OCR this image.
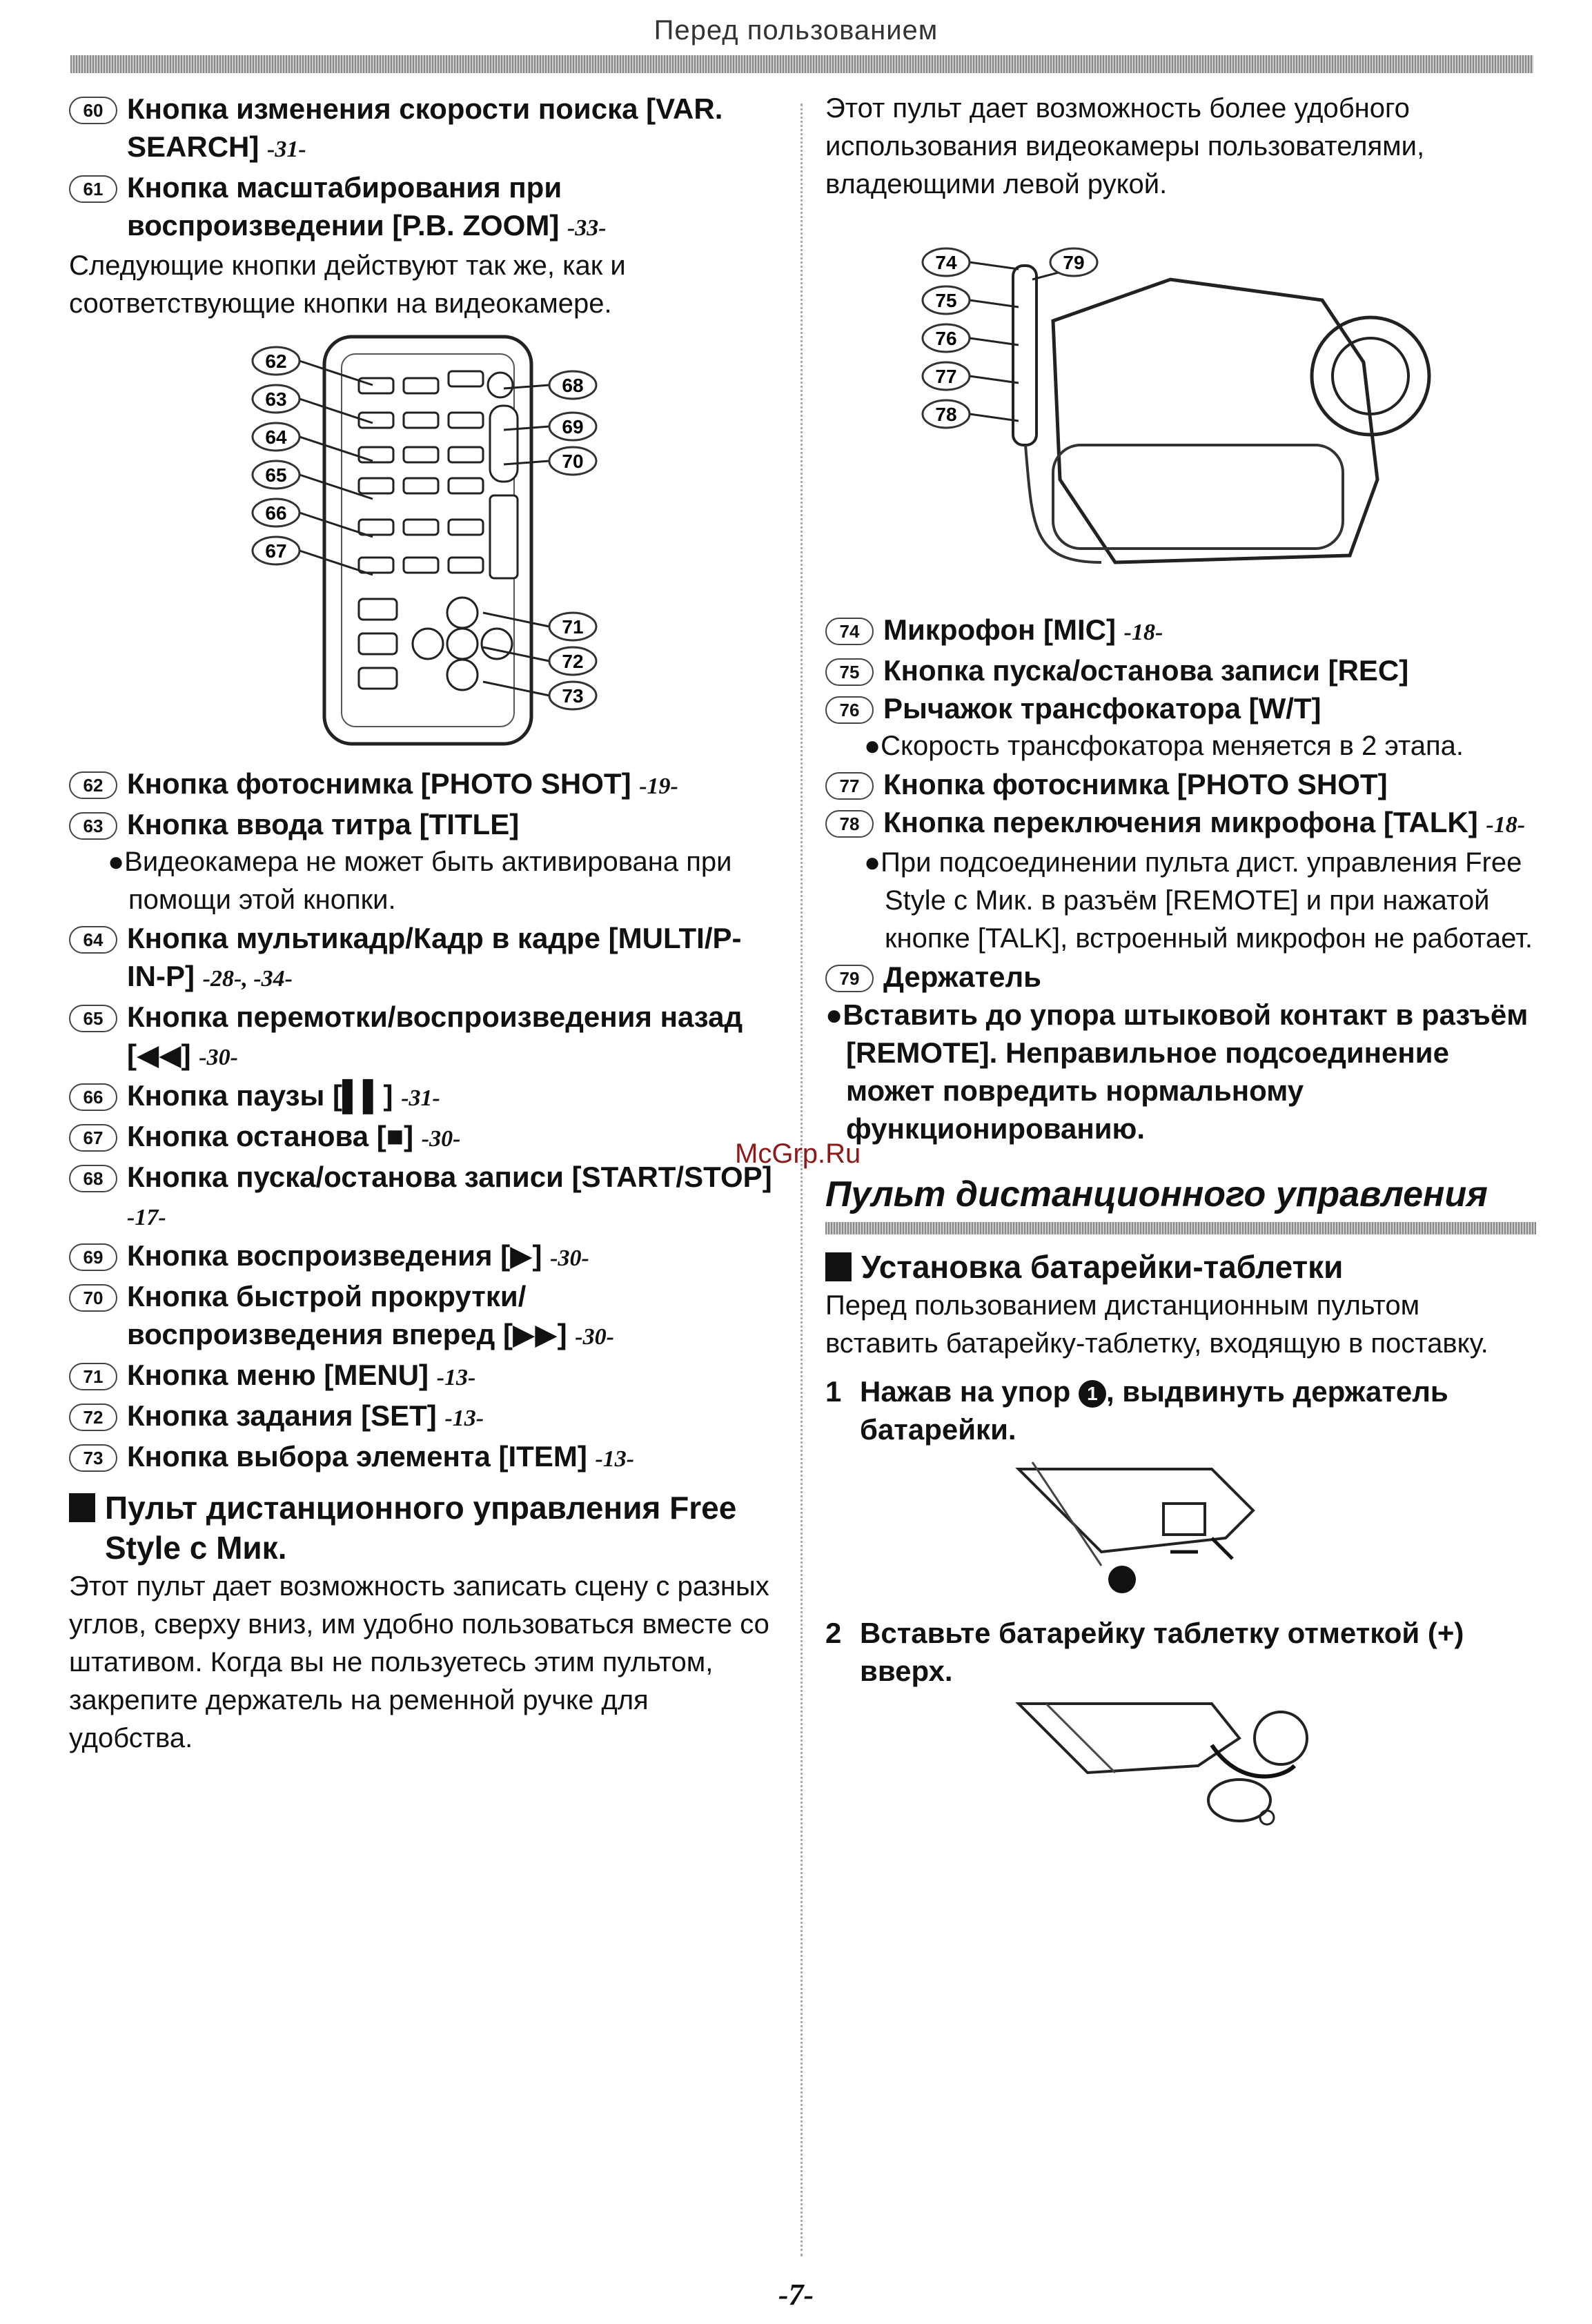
Перед пользованием
60 Кнопка изменения скорости поиска [VAR. SEARCH] -31-
61 Кнопка масштабирования при воспроизведении [P.B. ZOOM] -33-

Следующие кнопки действуют так же, как и соответствующие кнопки на видеокамере.

62
63
64
65
66
67
68
69
70
71
72
73
62 Кнопка фотоснимка [PHOTO SHOT] -19-
63 Кнопка ввода титра [TITLE]

●Видеокамера не может быть активирована при помощи этой кнопки.

64 Кнопка мультикадр/Кадр в кадре [MULTI/P-IN-P] -28-, -34-
65 Кнопка перемотки/воспроизведения назад [◀◀] -30-
66 Кнопка паузы [▌▌] -31-
67 Кнопка останова [■] -30-
68 Кнопка пуска/останова записи [START/STOP] -17-
69 Кнопка воспроизведения [▶] -30-
70 Кнопка быстрой прокрутки/воспроизведения вперед [▶▶] -30-
71 Кнопка меню [MENU] -13-
72 Кнопка задания [SET] -13-
73 Кнопка выбора элемента [ITEM] -13-
Пульт дистанционного управления Free Style с Мик.

Этот пульт дает возможность записать сцену с разных углов, сверху вниз, им удобно пользоваться вместе со штативом. Когда вы не пользуетесь этим пультом, закрепите держатель на ременной ручке для удобства.

Этот пульт дает возможность более удобного использования видеокамеры пользователями, владеющими левой рукой.

74
75
76
77
78
79
74 Микрофон [MIC] -18-
75 Кнопка пуска/останова записи [REC]
76 Рычажок трансфокатора [W/T]

●Скорость трансфокатора меняется в 2 этапа.

77 Кнопка фотоснимка [PHOTO SHOT]
78 Кнопка переключения микрофона [TALK] -18-

●При подсоединении пульта дист. управления Free Style с Мик. в разъём [REMOTE] и при нажатой кнопке [TALK], встроенный микрофон не работает.

79 Держатель

●Вставить до упора штыковой контакт в разъём [REMOTE]. Неправильное подсоединение может повредить нормальному функционированию.

Пульт дистанционного управления
Установка батарейки-таблетки

Перед пользованием дистанционным пультом вставить батарейку-таблетку, входящую в поставку.

1 Нажав на упор 1 , выдвинуть держатель батарейки.
2 Вставьте батарейку таблетку отметкой (+) вверх.
McGrp.Ru
-7-
